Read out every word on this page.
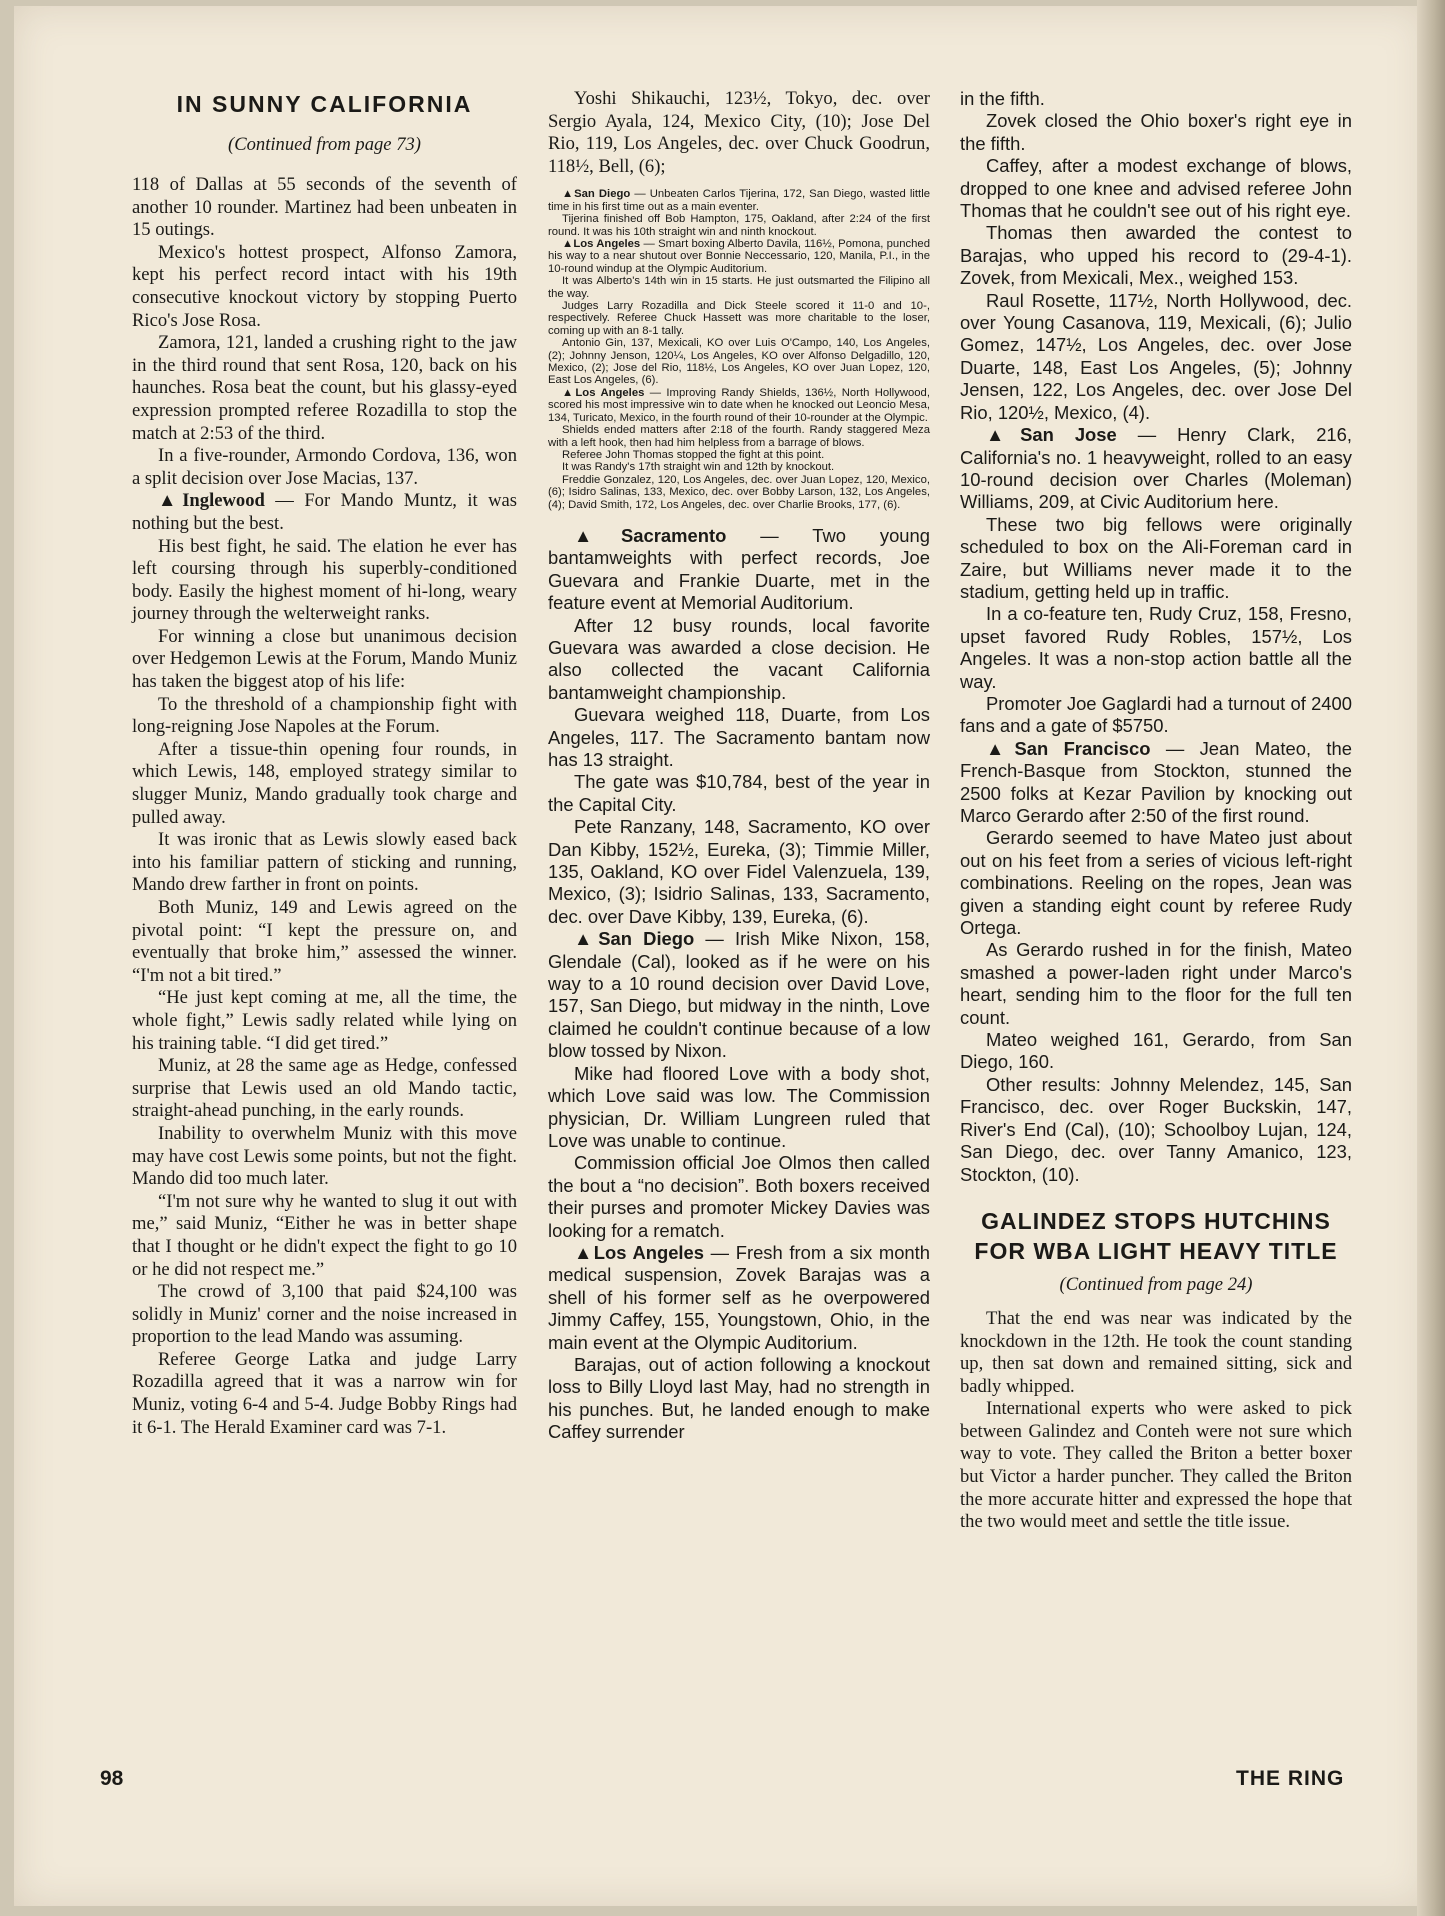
IN SUNNY CALIFORNIA
(Continued from page 73)

118 of Dallas at 55 seconds of the seventh of another 10 rounder. Martinez had been unbeaten in 15 outings.

Mexico's hottest prospect, Alfonso Zamora, kept his perfect record intact with his 19th consecutive knockout victory by stopping Puerto Rico's Jose Rosa.

Zamora, 121, landed a crushing right to the jaw in the third round that sent Rosa, 120, back on his haunches. Rosa beat the count, but his glassy-eyed expression prompted referee Rozadilla to stop the match at 2:53 of the third.

In a five-rounder, Armondo Cordova, 136, won a split decision over Jose Macias, 137.

▲Inglewood — For Mando Muntz, it was nothing but the best.

His best fight, he said. The elation he ever has left coursing through his superbly-conditioned body. Easily the highest moment of hi-long, weary journey through the welterweight ranks.

For winning a close but unanimous decision over Hedgemon Lewis at the Forum, Mando Muniz has taken the biggest atop of his life:

To the threshold of a championship fight with long-reigning Jose Napoles at the Forum.

After a tissue-thin opening four rounds, in which Lewis, 148, employed strategy similar to slugger Muniz, Mando gradually took charge and pulled away.

It was ironic that as Lewis slowly eased back into his familiar pattern of sticking and running, Mando drew farther in front on points.

Both Muniz, 149 and Lewis agreed on the pivotal point: “I kept the pressure on, and eventually that broke him,” assessed the winner. “I'm not a bit tired.”

“He just kept coming at me, all the time, the whole fight,” Lewis sadly related while lying on his training table. “I did get tired.”

Muniz, at 28 the same age as Hedge, confessed surprise that Lewis used an old Mando tactic, straight-ahead punching, in the early rounds.

Inability to overwhelm Muniz with this move may have cost Lewis some points, but not the fight. Mando did too much later.

“I'm not sure why he wanted to slug it out with me,” said Muniz, “Either he was in better shape that I thought or he didn't expect the fight to go 10 or he did not respect me.”

The crowd of 3,100 that paid $24,100 was solidly in Muniz' corner and the noise increased in proportion to the lead Mando was assuming.

Referee George Latka and judge Larry Rozadilla agreed that it was a narrow win for Muniz, voting 6-4 and 5-4. Judge Bobby Rings had it 6-1. The Herald Examiner card was 7-1.

Yoshi Shikauchi, 123½, Tokyo, dec. over Sergio Ayala, 124, Mexico City, (10); Jose Del Rio, 119, Los Angeles, dec. over Chuck Goodrun, 118½, Bell, (6);

▲San Diego — Unbeaten Carlos Tijerina, 172, San Diego, wasted little time in his first time out as a main eventer.

Tijerina finished off Bob Hampton, 175, Oakland, after 2:24 of the first round. It was his 10th straight win and ninth knockout.

▲Los Angeles — Smart boxing Alberto Davila, 116½, Pomona, punched his way to a near shutout over Bonnie Neccessario, 120, Manila, P.I., in the 10-round windup at the Olympic Auditorium.

It was Alberto's 14th win in 15 starts. He just outsmarted the Filipino all the way.

Judges Larry Rozadilla and Dick Steele scored it 11-0 and 10-, respectively. Referee Chuck Hassett was more charitable to the loser, coming up with an 8-1 tally.

Antonio Gin, 137, Mexicali, KO over Luis O'Campo, 140, Los Angeles, (2); Johnny Jenson, 120¼, Los Angeles, KO over Alfonso Delgadillo, 120, Mexico, (2); Jose del Rio, 118½, Los Angeles, KO over Juan Lopez, 120, East Los Angeles, (6).

▲Los Angeles — Improving Randy Shields, 136½, North Hollywood, scored his most impressive win to date when he knocked out Leoncio Mesa, 134, Turicato, Mexico, in the fourth round of their 10-rounder at the Olympic.

Shields ended matters after 2:18 of the fourth. Randy staggered Meza with a left hook, then had him helpless from a barrage of blows.

Referee John Thomas stopped the fight at this point.

It was Randy's 17th straight win and 12th by knockout.

Freddie Gonzalez, 120, Los Angeles, dec. over Juan Lopez, 120, Mexico, (6); Isidro Salinas, 133, Mexico, dec. over Bobby Larson, 132, Los Angeles, (4); David Smith, 172, Los Angeles, dec. over Charlie Brooks, 177, (6).

▲Sacramento — Two young bantamweights with perfect records, Joe Guevara and Frankie Duarte, met in the feature event at Memorial Auditorium.

After 12 busy rounds, local favorite Guevara was awarded a close decision. He also collected the vacant California bantamweight championship.

Guevara weighed 118, Duarte, from Los Angeles, 117. The Sacramento bantam now has 13 straight.

The gate was $10,784, best of the year in the Capital City.

Pete Ranzany, 148, Sacramento, KO over Dan Kibby, 152½, Eureka, (3); Timmie Miller, 135, Oakland, KO over Fidel Valenzuela, 139, Mexico, (3); Isidrio Salinas, 133, Sacramento, dec. over Dave Kibby, 139, Eureka, (6).

▲San Diego — Irish Mike Nixon, 158, Glendale (Cal), looked as if he were on his way to a 10 round decision over David Love, 157, San Diego, but midway in the ninth, Love claimed he couldn't continue because of a low blow tossed by Nixon.

Mike had floored Love with a body shot, which Love said was low. The Commission physician, Dr. William Lungreen ruled that Love was unable to continue.

Commission official Joe Olmos then called the bout a “no decision”. Both boxers received their purses and promoter Mickey Davies was looking for a rematch.

▲Los Angeles — Fresh from a six month medical suspension, Zovek Barajas was a shell of his former self as he overpowered Jimmy Caffey, 155, Youngstown, Ohio, in the main event at the Olympic Auditorium.

Barajas, out of action following a knockout loss to Billy Lloyd last May, had no strength in his punches. But, he landed enough to make Caffey surrender

in the fifth.

Zovek closed the Ohio boxer's right eye in the fifth.

Caffey, after a modest exchange of blows, dropped to one knee and advised referee John Thomas that he couldn't see out of his right eye.

Thomas then awarded the contest to Barajas, who upped his record to (29-4-1). Zovek, from Mexicali, Mex., weighed 153.

Raul Rosette, 117½, North Hollywood, dec. over Young Casanova, 119, Mexicali, (6); Julio Gomez, 147½, Los Angeles, dec. over Jose Duarte, 148, East Los Angeles, (5); Johnny Jensen, 122, Los Angeles, dec. over Jose Del Rio, 120½, Mexico, (4).

▲San Jose — Henry Clark, 216, California's no. 1 heavyweight, rolled to an easy 10-round decision over Charles (Moleman) Williams, 209, at Civic Auditorium here.

These two big fellows were originally scheduled to box on the Ali-Foreman card in Zaire, but Williams never made it to the stadium, getting held up in traffic.

In a co-feature ten, Rudy Cruz, 158, Fresno, upset favored Rudy Robles, 157½, Los Angeles. It was a non-stop action battle all the way.

Promoter Joe Gaglardi had a turnout of 2400 fans and a gate of $5750.

▲San Francisco — Jean Mateo, the French-Basque from Stockton, stunned the 2500 folks at Kezar Pavilion by knocking out Marco Gerardo after 2:50 of the first round.

Gerardo seemed to have Mateo just about out on his feet from a series of vicious left-right combinations. Reeling on the ropes, Jean was given a standing eight count by referee Rudy Ortega.

As Gerardo rushed in for the finish, Mateo smashed a power-laden right under Marco's heart, sending him to the floor for the full ten count.

Mateo weighed 161, Gerardo, from San Diego, 160.

Other results: Johnny Melendez, 145, San Francisco, dec. over Roger Buckskin, 147, River's End (Cal), (10); Schoolboy Lujan, 124, San Diego, dec. over Tanny Amanico, 123, Stockton, (10).

GALINDEZ STOPS HUTCHINS
FOR WBA LIGHT HEAVY TITLE
(Continued from page 24)

That the end was near was indicated by the knockdown in the 12th. He took the count standing up, then sat down and remained sitting, sick and badly whipped.

International experts who were asked to pick between Galindez and Conteh were not sure which way to vote. They called the Briton a better boxer but Victor a harder puncher. They called the Briton the more accurate hitter and expressed the hope that the two would meet and settle the title issue.

98	THE RING
